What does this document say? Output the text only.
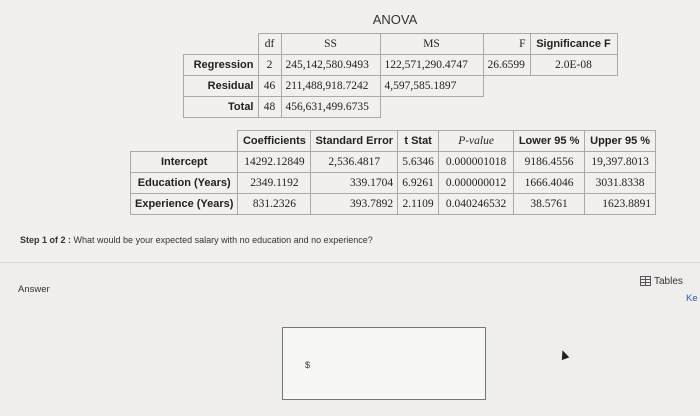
ANOVA
	df	SS	MS	F	Significance F
Regression	2	245,142,580.9493	122,571,290.4747	26.6599	2.0E-08
Residual	46	211,488,918.7242	4,597,585.1897		
Total	48	456,631,499.6735			
	Coefficients	Standard Error	t Stat	P-value	Lower 95 %	Upper 95 %
Intercept	14292.12849	2,536.4817	5.6346	0.000001018	9186.4556	19,397.8013
Education (Years)	2349.1192	339.1704	6.9261	0.000000012	1666.4046	3031.8338
Experience (Years)	831.2326	393.7892	2.1109	0.040246532	38.5761	1623.8891
Step 1 of 2 : What would be your expected salary with no education and no experience?
Answer
Tables
Ke
$
